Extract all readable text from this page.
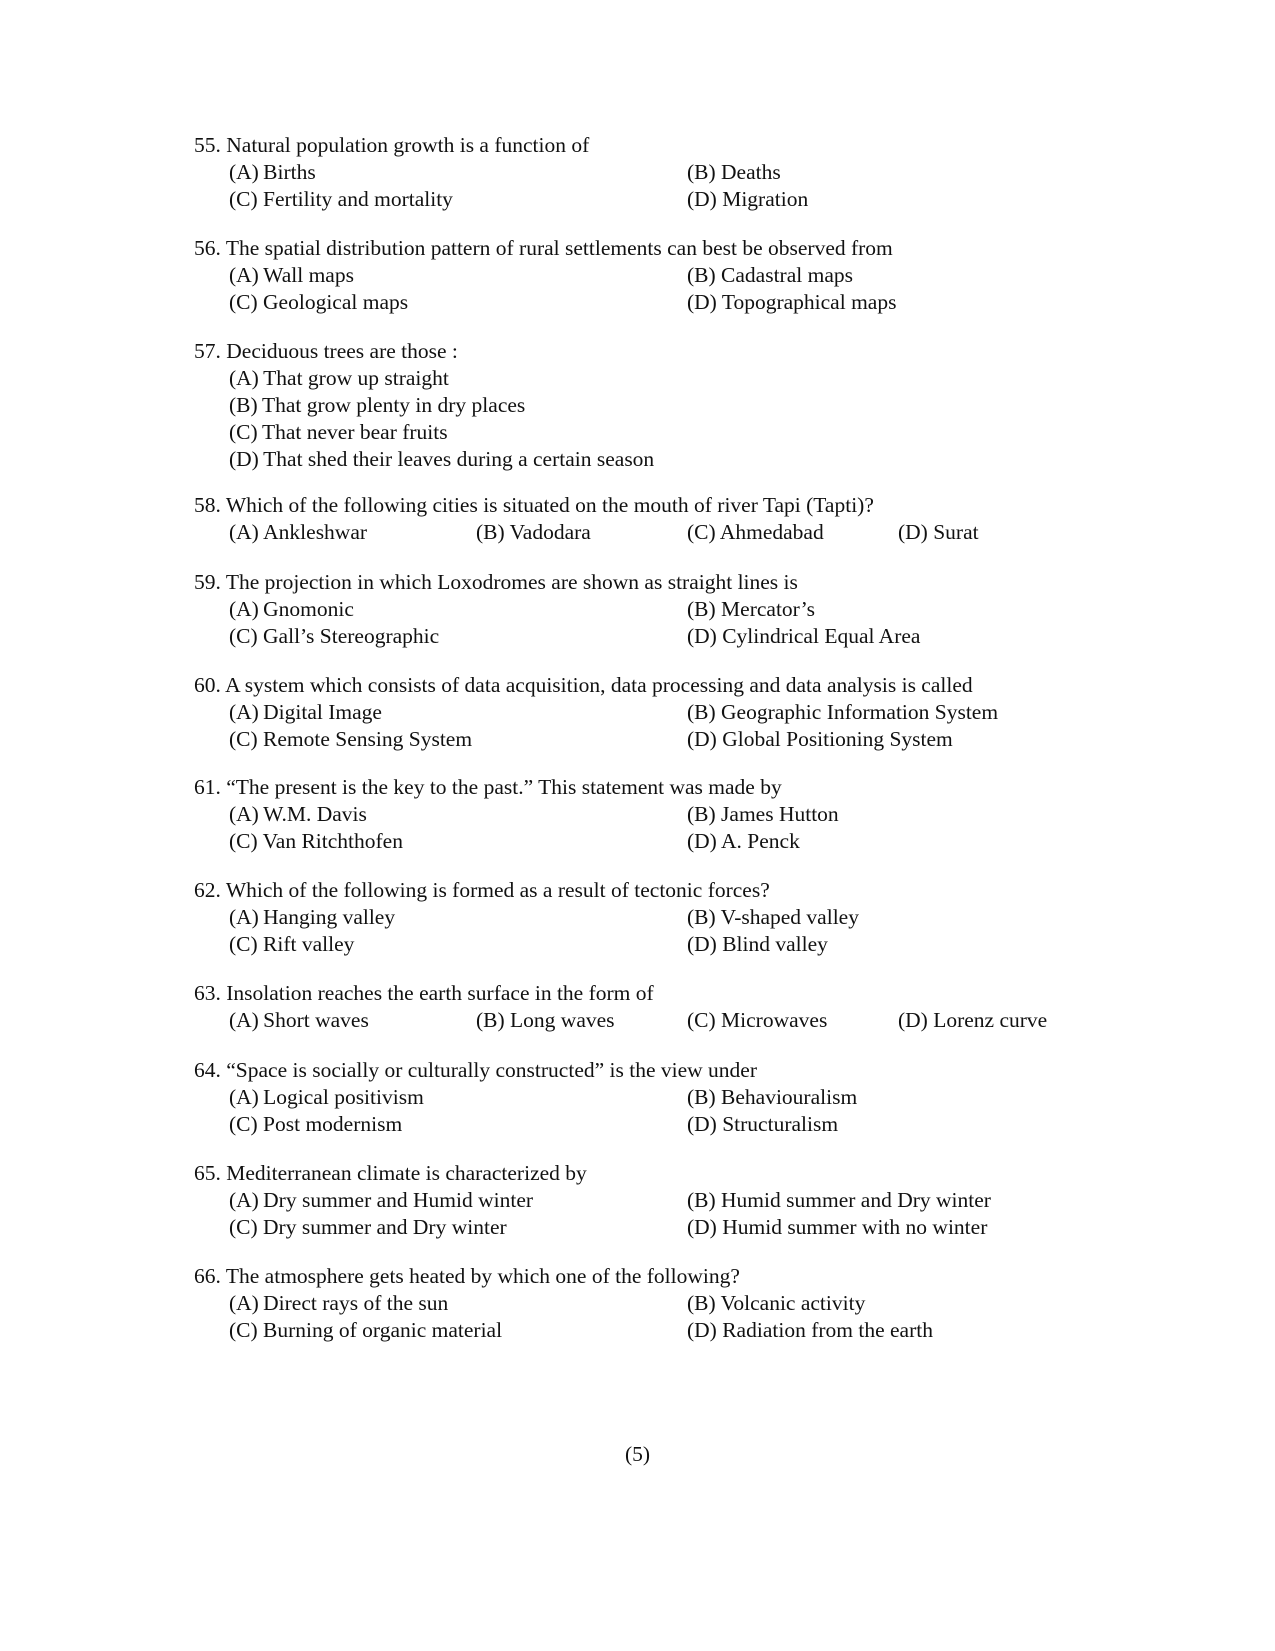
55. Natural population growth is a function of
(A) Births	(B) Deaths
(C) Fertility and mortality	(D) Migration
56. The spatial distribution pattern of rural settlements can best be observed from
(A) Wall maps	(B) Cadastral maps
(C) Geological maps	(D) Topographical maps
57. Deciduous trees are those :
(A) That grow up straight
(B) That grow plenty in dry places
(C) That never bear fruits
(D) That shed their leaves during a certain season
58. Which of the following cities is situated on the mouth of river Tapi (Tapti)?
(A) Ankleshwar	(B) Vadodara	(C) Ahmedabad	(D) Surat
59. The projection in which Loxodromes are shown as straight lines is
(A) Gnomonic	(B) Mercator’s
(C) Gall’s Stereographic	(D) Cylindrical Equal Area
60. A system which consists of data acquisition, data processing and data analysis is called
(A) Digital Image	(B) Geographic Information System
(C) Remote Sensing System	(D) Global Positioning System
61. “The present is the key to the past.” This statement was made by
(A) W.M. Davis	(B) James Hutton
(C) Van Ritchthofen	(D) A. Penck
62. Which of the following is formed as a result of tectonic forces?
(A) Hanging valley	(B) V-shaped valley
(C) Rift valley	(D) Blind valley
63. Insolation reaches the earth surface in the form of
(A) Short waves	(B) Long waves	(C) Microwaves	(D) Lorenz curve
64. “Space is socially or culturally constructed” is the view under
(A) Logical positivism	(B) Behaviouralism
(C) Post modernism	(D) Structuralism
65. Mediterranean climate is characterized by
(A) Dry summer and Humid winter	(B) Humid summer and Dry winter
(C) Dry summer and Dry winter	(D) Humid summer with no winter
66. The atmosphere gets heated by which one of the following?
(A) Direct rays of the sun	(B) Volcanic activity
(C) Burning of organic material	(D) Radiation from the earth
(5)
